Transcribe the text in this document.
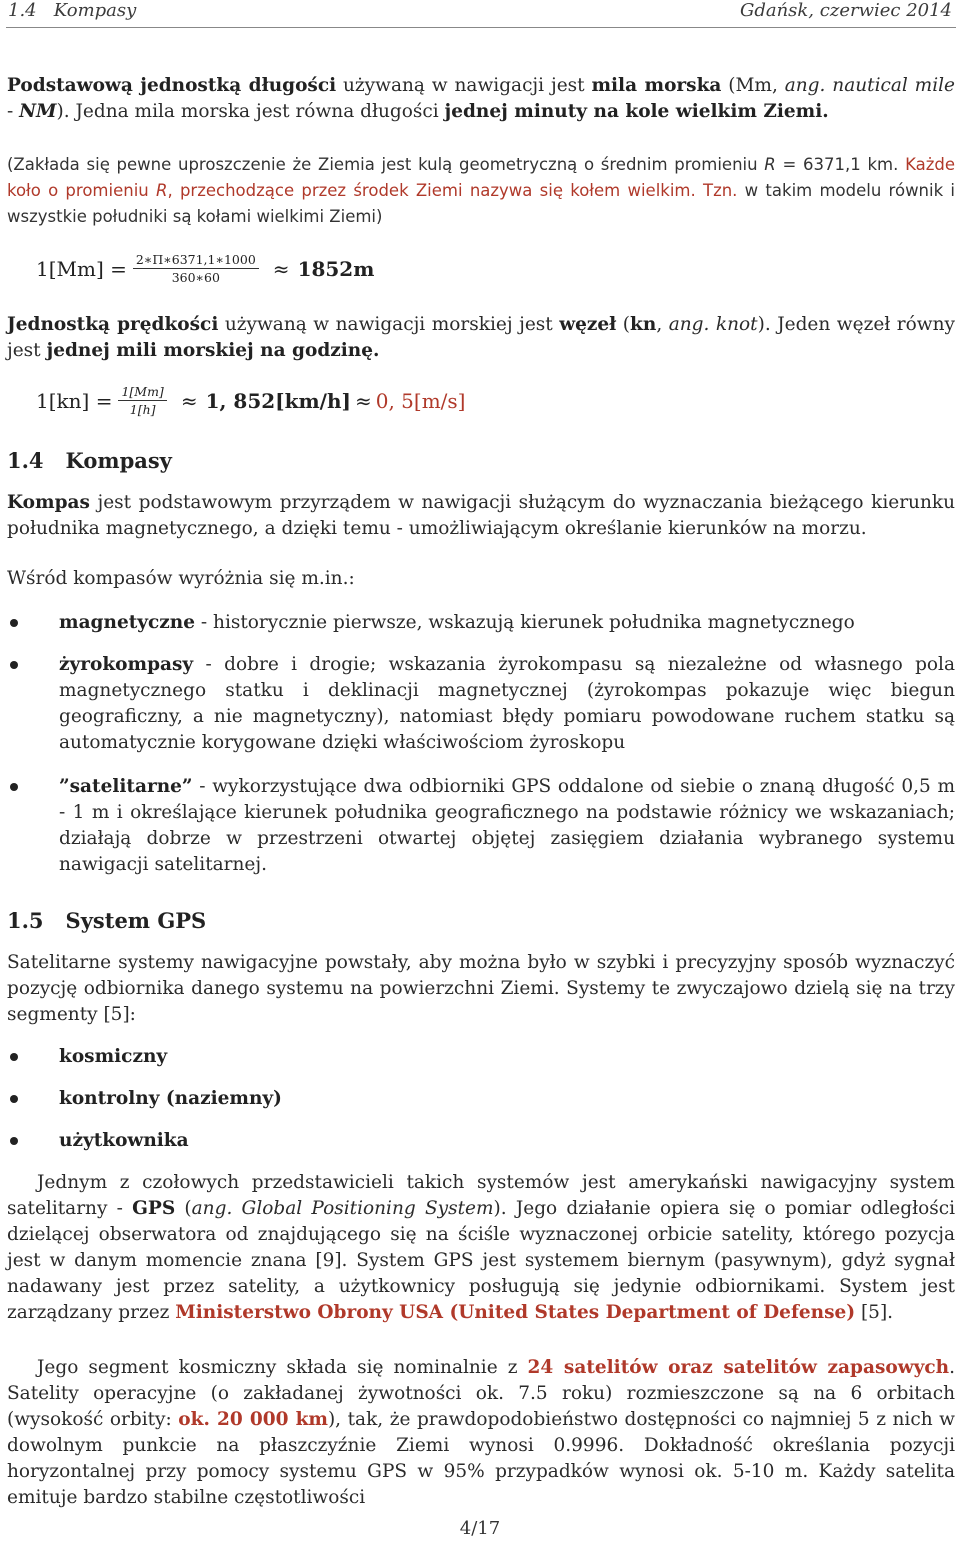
1.4   Kompasy	Gdańsk, czerwiec 2014
Podstawową jednostką długości używaną w nawigacji jest mila morska (Mm, ang. nautical mile - NM). Jedna mila morska jest równa długości jednej minuty na kole wielkim Ziemi.
(Zakłada się pewne uproszczenie że Ziemia jest kulą geometryczną o średnim promieniu R = 6371,1 km. Każde koło o promieniu R, przechodzące przez środek Ziemi nazywa się kołem wielkim. Tzn. w takim modelu równik i wszystkie południki są kołami wielkimi Ziemi)
$1[Mm] = \frac{2∗\Pi∗6371,1∗1000}{360∗60} \approx 1852m$
Jednostką prędkości używaną w nawigacji morskiej jest węzeł (kn, ang. knot). Jeden węzeł równy jest jednej mili morskiej na godzinę.
$1[kn] = \frac{1[Mm]}{1[h]} \approx 1$, 852[km/h] ≈ 0, 5[m/s]
1.4 Kompasy
Kompas jest podstawowym przyrządem w nawigacji służącym do wyznaczania bieżącego kierunku południka magnetycznego, a dzięki temu - umożliwiającym określanie kierunków na morzu.
Wśród kompasów wyróżnia się m.in.:
magnetyczne - historycznie pierwsze, wskazują kierunek południka magnetycznego
żyrokompasy - dobre i drogie; wskazania żyrokompasu są niezależne od własnego pola magnetycznego statku i deklinacji magnetycznej (żyrokompas pokazuje więc biegun geograficzny, a nie magnetyczny), natomiast błędy pomiaru powodowane ruchem statku są automatycznie korygowane dzięki właściwościom żyroskopu
”satelitarne” - wykorzystujące dwa odbiorniki GPS oddalone od siebie o znaną długość 0,5 m - 1 m i określające kierunek południka geograficznego na podstawie różnicy we wskazaniach; działają dobrze w przestrzeni otwartej objętej zasięgiem działania wybranego systemu nawigacji satelitarnej.
1.5 System GPS
Satelitarne systemy nawigacyjne powstały, aby można było w szybki i precyzyjny sposób wyznaczyć pozycję odbiornika danego systemu na powierzchni Ziemi. Systemy te zwyczajowo dzielą się na trzy segmenty [5]:
kosmiczny
kontrolny (naziemny)
użytkownika
Jednym z czołowych przedstawicieli takich systemów jest amerykański nawigacyjny system satelitarny - GPS (ang. Global Positioning System). Jego działanie opiera się o pomiar odległości dzielącej obserwatora od znajdującego się na ściśle wyznaczonej orbicie satelity, którego pozycja jest w danym momencie znana [9]. System GPS jest systemem biernym (pasywnym), gdyż sygnał nadawany jest przez satelity, a użytkownicy posługują się jedynie odbiornikami. System jest zarządzany przez Ministerstwo Obrony USA (United States Department of Defense) [5].
Jego segment kosmiczny składa się nominalnie z 24 satelitów oraz satelitów zapasowych. Satelity operacyjne (o zakładanej żywotności ok. 7.5 roku) rozmieszczone są na 6 orbitach (wysokość orbity: ok. 20 000 km), tak, że prawdopodobieństwo dostępności co najmniej 5 z nich w dowolnym punkcie na płaszczyźnie Ziemi wynosi 0.9996. Dokładność określania pozycji horyzontalnej przy pomocy systemu GPS w 95% przypadków wynosi ok. 5-10 m. Każdy satelita emituje bardzo stabilne częstotliwości
4/17
